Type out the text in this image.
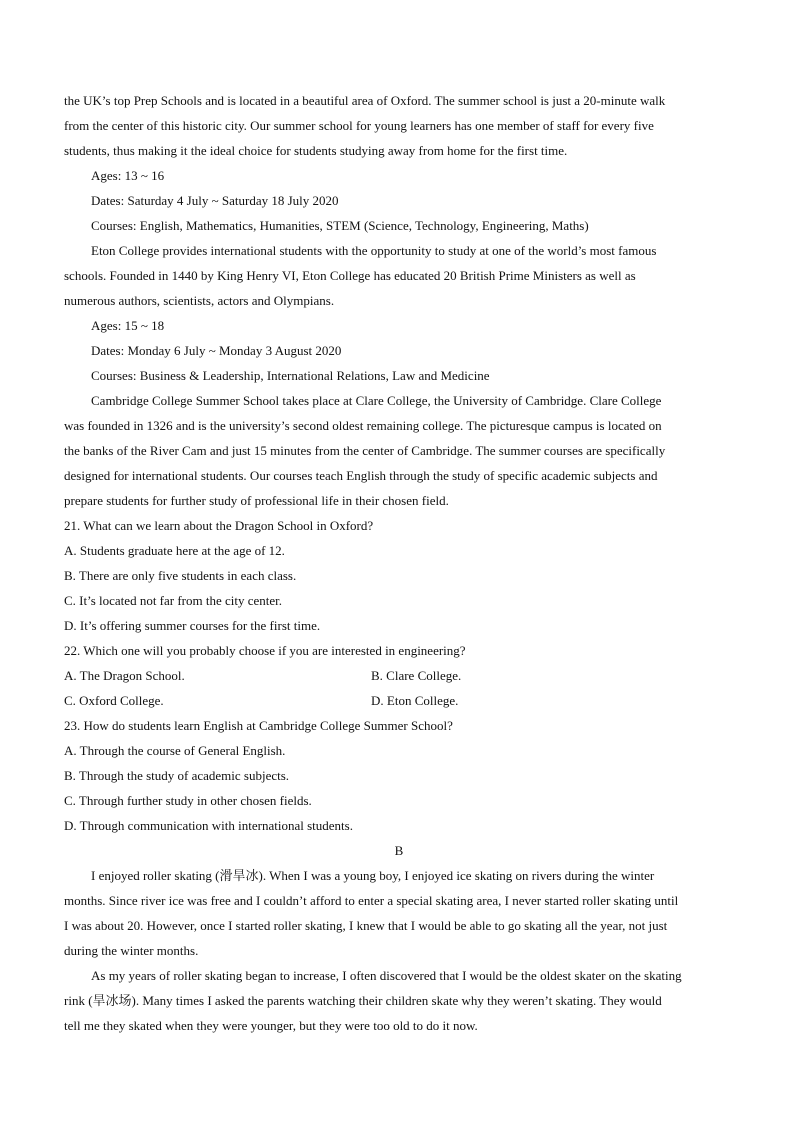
the UK’s top Prep Schools and is located in a beautiful area of Oxford. The summer school is just a 20-minute walk
from the center of this historic city. Our summer school for young learners has one member of staff for every five
students, thus making it the ideal choice for students studying away from home for the first time.
Ages: 13 ~ 16
Dates: Saturday 4 July ~ Saturday 18 July 2020
Courses: English, Mathematics, Humanities, STEM (Science, Technology, Engineering, Maths)
Eton College provides international students with the opportunity to study at one of the world’s most famous
schools. Founded in 1440 by King Henry VI, Eton College has educated 20 British Prime Ministers as well as
numerous authors, scientists, actors and Olympians.
Ages: 15 ~ 18
Dates: Monday 6 July ~ Monday 3 August 2020
Courses: Business & Leadership, International Relations, Law and Medicine
Cambridge College Summer School takes place at Clare College, the University of Cambridge. Clare College
was founded in 1326 and is the university’s second oldest remaining college. The picturesque campus is located on
the banks of the River Cam and just 15 minutes from the center of Cambridge. The summer courses are specifically
designed for international students. Our courses teach English through the study of specific academic subjects and
prepare students for further study of professional life in their chosen field.
21. What can we learn about the Dragon School in Oxford?
A. Students graduate here at the age of 12.
B. There are only five students in each class.
C. It’s located not far from the city center.
D. It’s offering summer courses for the first time.
22. Which one will you probably choose if you are interested in engineering?
A. The Dragon School.	B. Clare College.
C. Oxford College.	D. Eton College.
23. How do students learn English at Cambridge College Summer School?
A. Through the course of General English.
B. Through the study of academic subjects.
C. Through further study in other chosen fields.
D. Through communication with international students.
B
I enjoyed roller skating (滑旱冰). When I was a young boy, I enjoyed ice skating on rivers during the winter
months. Since river ice was free and I couldn’t afford to enter a special skating area, I never started roller skating until
I was about 20. However, once I started roller skating, I knew that I would be able to go skating all the year, not just
during the winter months.
As my years of roller skating began to increase, I often discovered that I would be the oldest skater on the skating
rink (旱冰场). Many times I asked the parents watching their children skate why they weren’t skating. They would
tell me they skated when they were younger, but they were too old to do it now.
